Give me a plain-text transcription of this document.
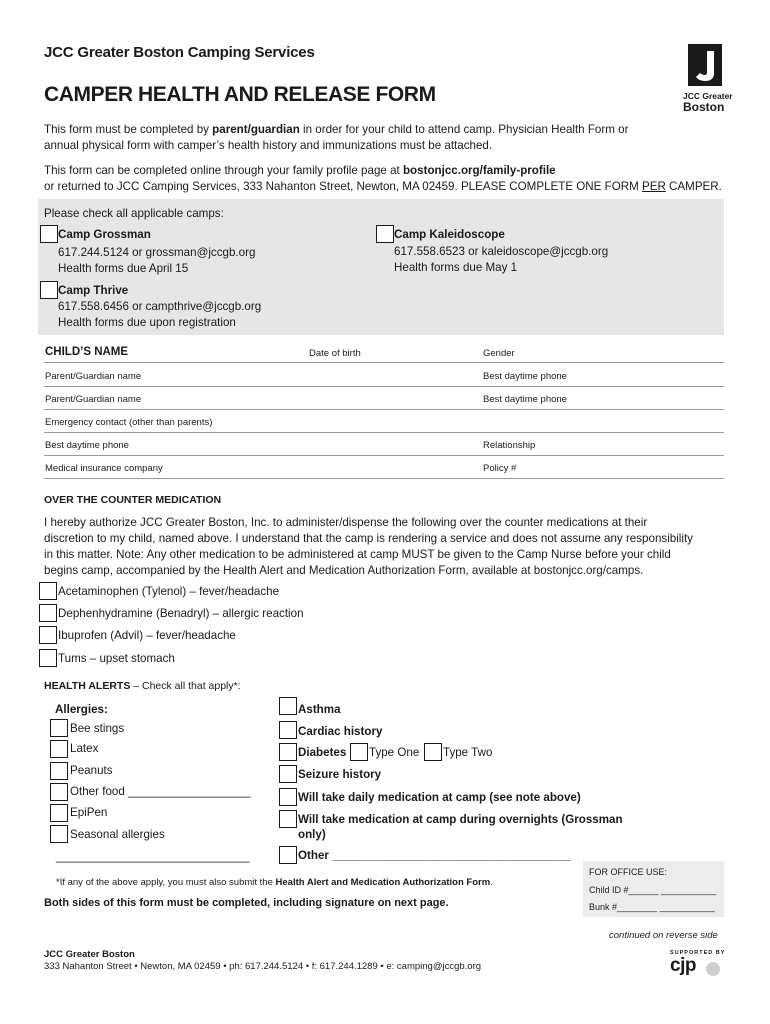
JCC Greater Boston Camping Services
CAMPER HEALTH AND RELEASE FORM	JCC Greater
Boston
This form must be completed by parent/guardian in order for your child to attend camp. Physician Health Form or
annual physical form with camper’s health history and immunizations must be attached.
This form can be completed online through your family profile page at bostonjcc.org/family-profile
or returned to JCC Camping Services, 333 Nahanton Street, Newton, MA 02459. PLEASE COMPLETE ONE FORM PER CAMPER.
Please check all applicable camps:
Camp Grossman
617.244.5124 or grossman@jccgb.org
Health forms due April 15
Camp Kaleidoscope
617.558.6523 or kaleidoscope@jccgb.org
Health forms due May 1
Camp Thrive
617.558.6456 or campthrive@jccgb.org
Health forms due upon registration
CHILD’S NAME	Date of birth	Gender
Parent/Guardian name	Best daytime phone
Parent/Guardian name	Best daytime phone
Emergency contact (other than parents)
Best daytime phone	Relationship
Medical insurance company	Policy #
OVER THE COUNTER MEDICATION
I hereby authorize JCC Greater Boston, Inc. to administer/dispense the following over the counter medications at their
discretion to my child, named above. I understand that the camp is rendering a service and does not assume any responsibility
in this matter. Note: Any other medication to be administered at camp MUST be given to the Camp Nurse before your child
begins camp, accompanied by the Health Alert and Medication Authorization Form, available at bostonjcc.org/camps.
Acetaminophen (Tylenol) – fever/headache
Dephenhydramine (Benadryl) – allergic reaction
Ibuprofen (Advil) – fever/headache
Tums – upset stomach
HEALTH ALERTS – Check all that apply*:
Allergies:
Bee stings
Latex
Peanuts
Other food ___________________
EpiPen
Seasonal allergies
______________________________
Asthma
Cardiac history
Diabetes Type One Type Two
Seizure history
Will take daily medication at camp (see note above)
Will take medication at camp during overnights (Grossman
only)
Other _____________________________________
*If any of the above apply, you must also submit the Health Alert and Medication Authorization Form.
Both sides of this form must be completed, including signature on next page.
FOR OFFICE USE:
Child ID #______ ___________
Bunk #________ ___________
continued on reverse side
JCC Greater Boston
333 Nahanton Street • Newton, MA 02459 • ph: 617.244.5124 • f: 617.244.1289 • e: camping@jccgb.org
SUPPORTED BY
cjp
